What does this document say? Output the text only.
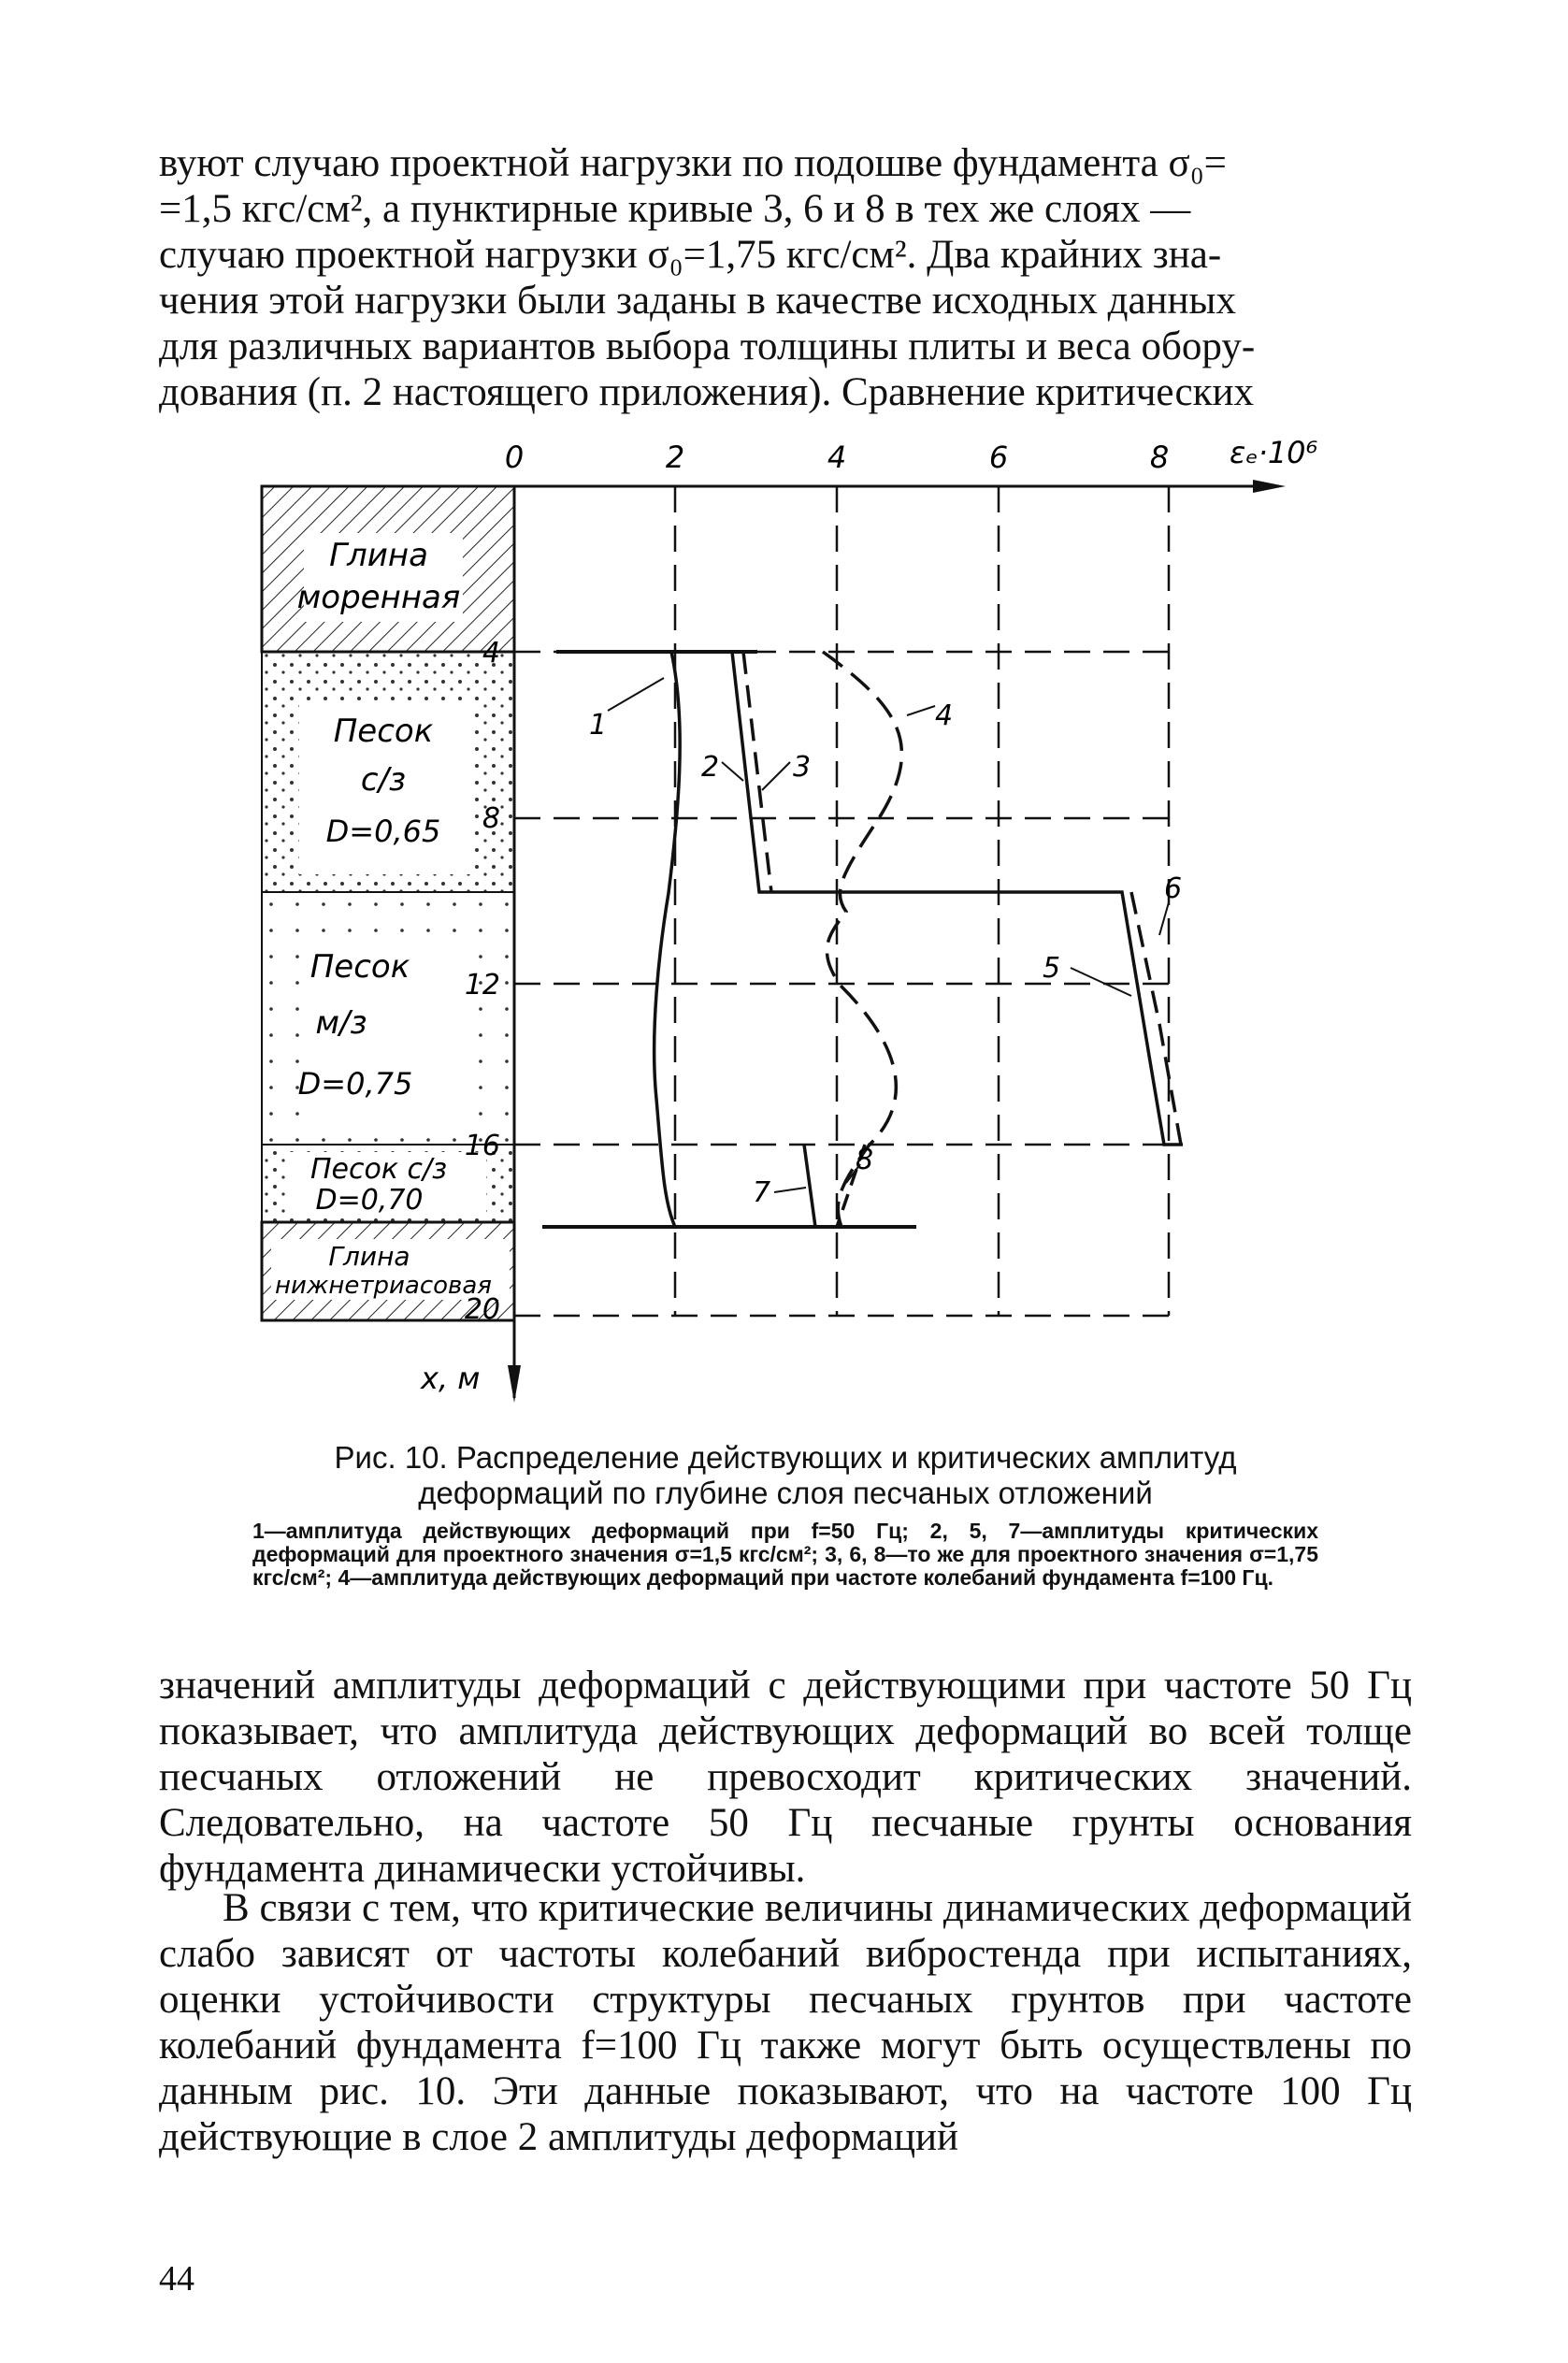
вуют случаю проектной нагрузки по подошве фундамента σ₀=

=1,5 кгс/см², а пунктирные кривые 3, 6 и 8 в тех же слоях —

случаю проектной нагрузки σ₀=1,75 кгс/см². Два крайних зна-

чения этой нагрузки были заданы в качестве исходных данных

для различных вариантов выбора толщины плиты и веса обору-

дования (п. 2 настоящего приложения). Сравнение критических

Глина
моренная
Песок
с/з
D=0,65
Песок
м/з
D=0,75
Песок с/з
D=0,70
Глина
нижнетриасовая
0	2	4	6	8 εₑ·10⁶
4
8
12
16
20
x, м
1
2	3
4
5
6
7
8
Рис. 10. Распределение действующих и критических амплитуд
деформаций по глубине слоя песчаных отложений
1—амплитуда действующих деформаций при f=50 Гц; 2, 5, 7—амплитуды критических деформаций для проектного значения σ=1,5 кгс/см²; 3, 6, 8—то же для проектного значения σ=1,75 кгс/см²; 4—амплитуда действующих деформаций при частоте колебаний фундамента f=100 Гц.

значений амплитуды деформаций с действующими при частоте 50 Гц показывает, что амплитуда действующих деформаций во всей толще песчаных отложений не превосходит критических значений. Следовательно, на частоте 50 Гц песчаные грунты основания фундамента динамически устойчивы.

В связи с тем, что критические величины динамических деформаций слабо зависят от частоты колебаний вибростенда при испытаниях, оценки устойчивости структуры песчаных грунтов при частоте колебаний фундамента f=100 Гц также могут быть осуществлены по данным рис. 10. Эти данные показывают, что на частоте 100 Гц действующие в слое 2 амплитуды деформаций

44
